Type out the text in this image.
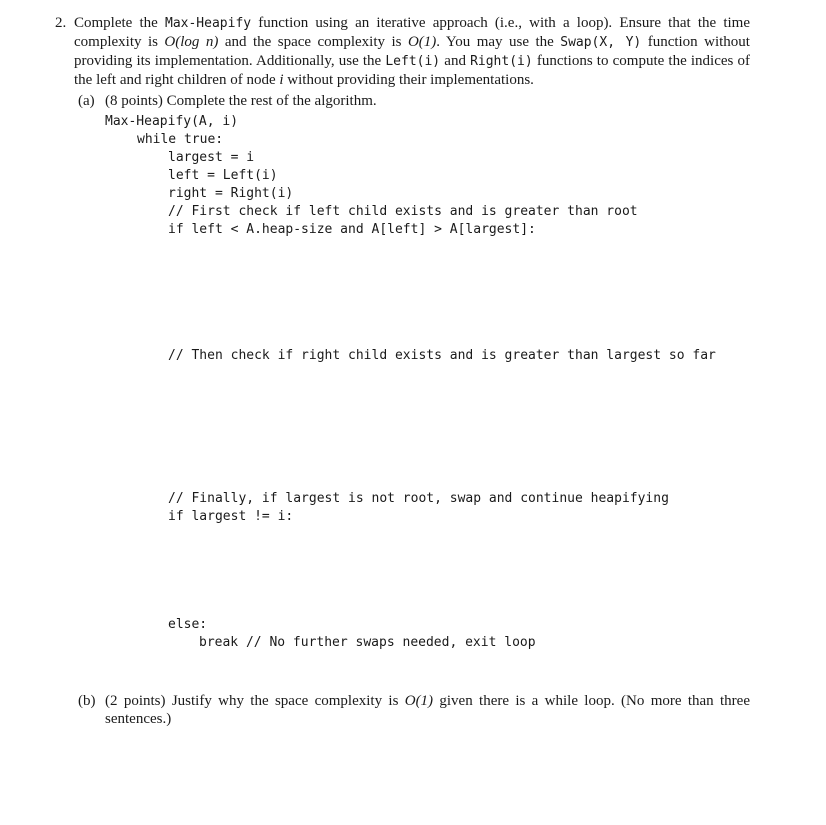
2. Complete the Max-Heapify function using an iterative approach (i.e., with a loop). Ensure that the time complexity is O(log n) and the space complexity is O(1). You may use the Swap(X, Y) function without providing its implementation. Additionally, use the Left(i) and Right(i) functions to compute the indices of the left and right children of node i without providing their implementations.

(a) (8 points) Complete the rest of the algorithm.
Max-Heapify(A, i)
while true:
largest = i
left = Left(i)
right = Right(i)
// First check if left child exists and is greater than root
if left < A.heap-size and A[left] > A[largest]:
// Then check if right child exists and is greater than largest so far
// Finally, if largest is not root, swap and continue heapifying
if largest != i:
else:
break // No further swaps needed, exit loop
(b) (2 points) Justify why the space complexity is O(1) given there is a while loop. (No more than three sentences.)
